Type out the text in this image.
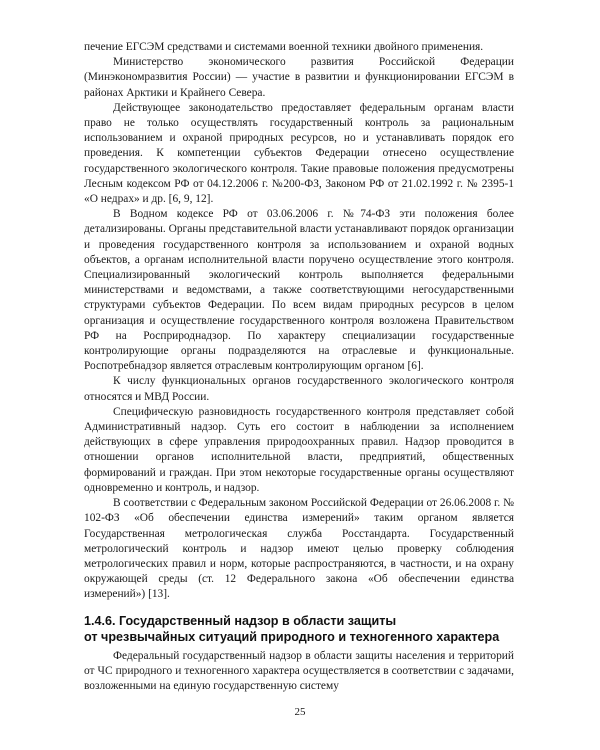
печение ЕГСЭМ средствами и системами военной техники двойного применения.

Министерство экономического развития Российской Федерации (Минэкономразвития России) — участие в развитии и функционировании ЕГСЭМ в районах Арктики и Крайнего Севера.

Действующее законодательство предоставляет федеральным органам власти право не только осуществлять государственный контроль за рациональным использованием и охраной природных ресурсов, но и устанавливать порядок его проведения. К компетенции субъектов Федерации отнесено осуществление государственного экологического контроля. Такие правовые положения предусмотрены Лесным кодексом РФ от 04.12.2006 г. №200-ФЗ, Законом РФ от 21.02.1992 г. № 2395-1 «О недрах» и др. [6, 9, 12].

В Водном кодексе РФ от 03.06.2006 г. №74-ФЗ эти положения более детализированы. Органы представительной власти устанавливают порядок организации и проведения государственного контроля за использованием и охраной водных объектов, а органам исполнительной власти поручено осуществление этого контроля. Специализированный экологический контроль выполняется федеральными министерствами и ведомствами, а также соответствующими негосударственными структурами субъектов Федерации. По всем видам природных ресурсов в целом организация и осуществление государственного контроля возложена Правительством РФ на Росприроднадзор. По характеру специализации государственные контролирующие органы подразделяются на отраслевые и функциональные. Роспотребнадзор является отраслевым контролирующим органом [6].

К числу функциональных органов государственного экологического контроля относятся и МВД России.

Специфическую разновидность государственного контроля представляет собой Административный надзор. Суть его состоит в наблюдении за исполнением действующих в сфере управления природоохранных правил. Надзор проводится в отношении органов исполнительной власти, предприятий, общественных формирований и граждан. При этом некоторые государственные органы осуществляют одновременно и контроль, и надзор.

В соответствии с Федеральным законом Российской Федерации от 26.06.2008 г. № 102-ФЗ «Об обеспечении единства измерений» таким органом является Государственная метрологическая служба Росстандарта. Государственный метрологический контроль и надзор имеют целью проверку соблюдения метрологических правил и норм, которые распространяются, в частности, и на охрану окружающей среды (ст. 12 Федерального закона «Об обеспечении единства измерений») [13].

1.4.6. Государственный надзор в области защиты
от чрезвычайных ситуаций природного и техногенного характера

Федеральный государственный надзор в области защиты населения и территорий от ЧС природного и техногенного характера осуществляется в соответствии с задачами, возложенными на единую государственную систему

25
